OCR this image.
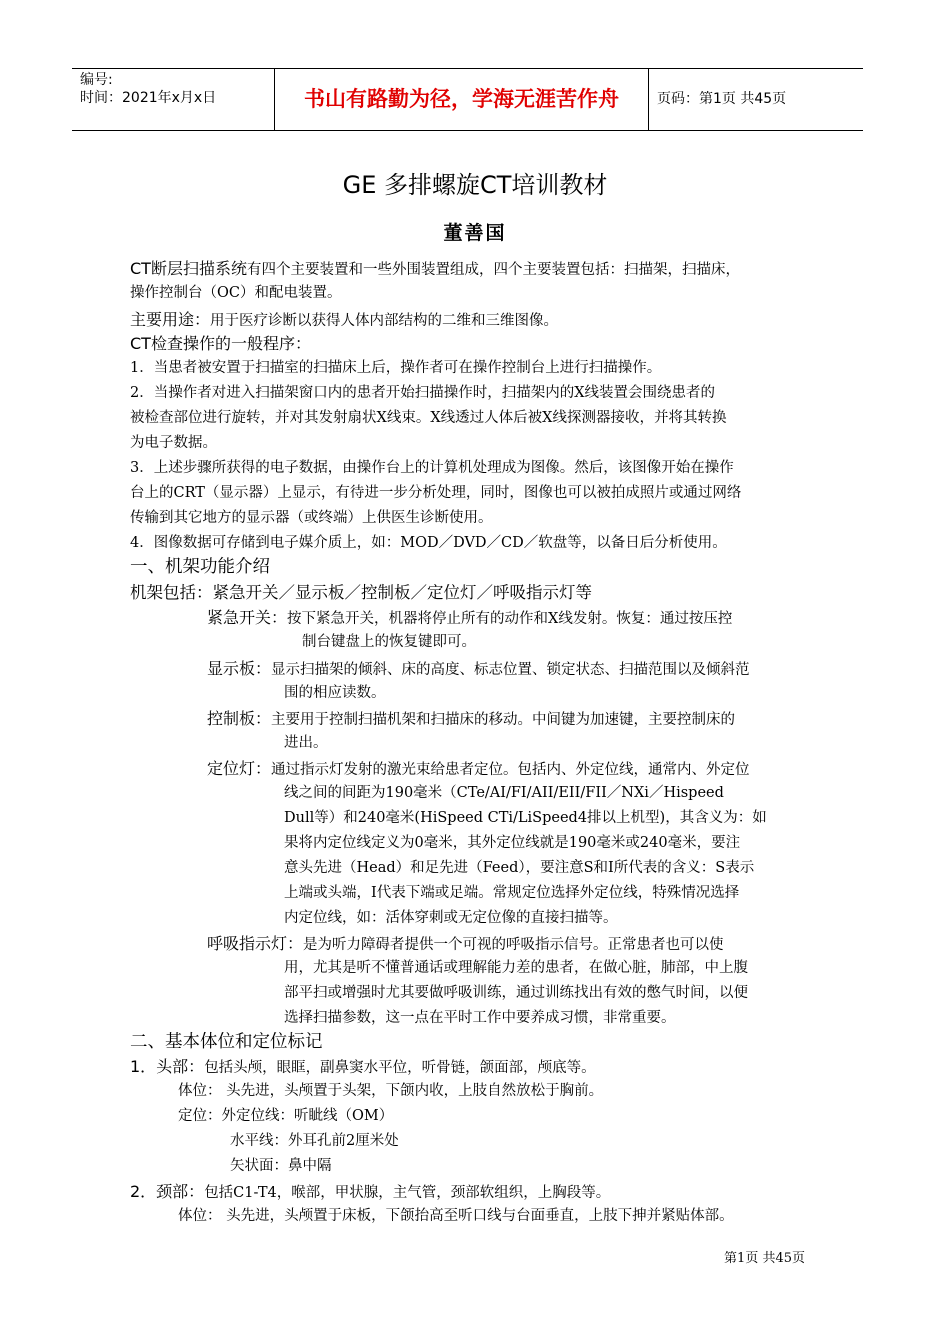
编号:
时间：2021年x月x日	书山有路勤为径，学海无涯苦作舟	页码：第1页 共45页
GE 多排螺旋CT培训教材
董善国
CT断层扫描系统有四个主要装置和一些外围装置组成，四个主要装置包括：扫描架，扫描床，
操作控制台（OC）和配电装置。
主要用途：用于医疗诊断以获得人体内部结构的二维和三维图像。
CT检查操作的一般程序：
1．当患者被安置于扫描室的扫描床上后，操作者可在操作控制台上进行扫描操作。
2．当操作者对进入扫描架窗口内的患者开始扫描操作时，扫描架内的X线装置会围绕患者的
被检查部位进行旋转，并对其发射扇状X线束。X线透过人体后被X线探测器接收，并将其转换
为电子数据。
3．上述步骤所获得的电子数据，由操作台上的计算机处理成为图像。然后，该图像开始在操作
台上的CRT（显示器）上显示，有待进一步分析处理，同时，图像也可以被拍成照片或通过网络
传输到其它地方的显示器（或终端）上供医生诊断使用。
4．图像数据可存储到电子媒介质上，如：MOD／DVD／CD／软盘等，以备日后分析使用。
一、机架功能介绍
机架包括：紧急开关／显示板／控制板／定位灯／呼吸指示灯等
紧急开关：按下紧急开关，机器将停止所有的动作和X线发射。恢复：通过按压控
制台键盘上的恢复键即可。
显示板：显示扫描架的倾斜、床的高度、标志位置、锁定状态、扫描范围以及倾斜范
围的相应读数。
控制板：主要用于控制扫描机架和扫描床的移动。中间键为加速键，主要控制床的
进出。
定位灯：通过指示灯发射的激光束给患者定位。包括内、外定位线，通常内、外定位
线之间的间距为190毫米（CTe/AI/FI/AII/EII/FII／NXi／Hispeed
Dull等）和240毫米(HiSpeed CTi/LiSpeed4排以上机型)，其含义为：如
果将内定位线定义为0毫米，其外定位线就是190毫米或240毫米，要注
意头先进（Head）和足先进（Feed），要注意S和I所代表的含义：S表示
上端或头端，I代表下端或足端。常规定位选择外定位线，特殊情况选择
内定位线，如：活体穿刺或无定位像的直接扫描等。
呼吸指示灯：是为听力障碍者提供一个可视的呼吸指示信号。正常患者也可以使
用，尤其是听不懂普通话或理解能力差的患者，在做心脏，肺部，中上腹
部平扫或增强时尤其要做呼吸训练，通过训练找出有效的憋气时间，以便
选择扫描参数，这一点在平时工作中要养成习惯，非常重要。
二、基本体位和定位标记
1．头部：包括头颅，眼眶，副鼻窦水平位，听骨链，颌面部，颅底等。
体位： 头先进，头颅置于头架，下颌内收，上肢自然放松于胸前。
定位：外定位线：听眦线（OM）
水平线：外耳孔前2厘米处
矢状面：鼻中隔
2．颈部：包括C1-T4，喉部，甲状腺，主气管，颈部软组织，上胸段等。
体位： 头先进，头颅置于床板，下颌抬高至听口线与台面垂直，上肢下抻并紧贴体部。
第1页 共45页
